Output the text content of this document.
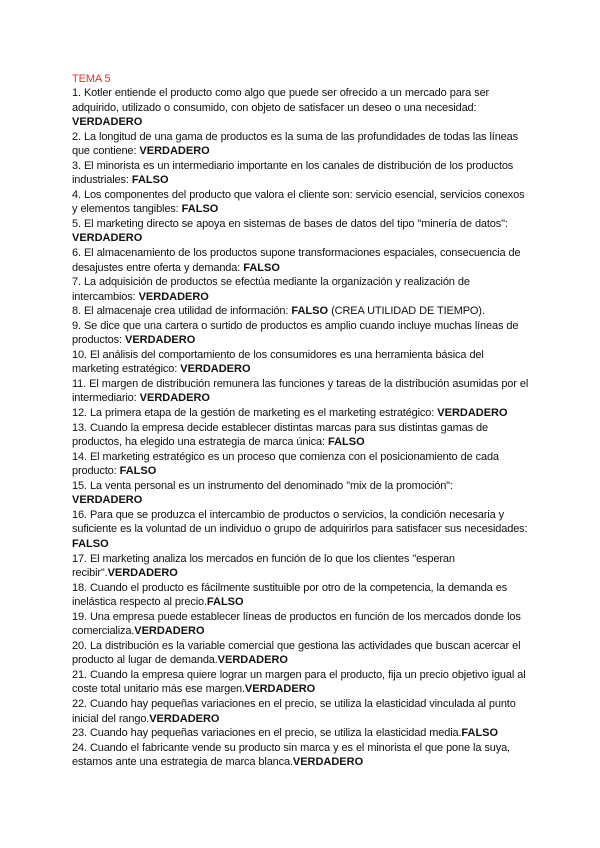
TEMA 5

1. Kotler entiende el producto como algo que puede ser ofrecido a un mercado para ser adquirido, utilizado o consumido, con objeto de satisfacer un deseo o una necesidad:
VERDADERO

2. La longitud de una gama de productos es la suma de las profundidades de todas las líneas que contiene: VERDADERO

3. El minorista es un intermediario importante en los canales de distribución de los productos industriales: FALSO

4. Los componentes del producto que valora el cliente son: servicio esencial, servicios conexos y elementos tangibles: FALSO

5. El marketing directo se apoya en sistemas de bases de datos del tipo "minería de datos":
VERDADERO

6. El almacenamiento de los productos supone transformaciones espaciales, consecuencia de desajustes entre oferta y demanda: FALSO

7. La adquisición de productos se efectúa mediante la organización y realización de intercambios: VERDADERO

8. El almacenaje crea utilidad de información: FALSO (CREA UTILIDAD DE TIEMPO).

9. Se dice que una cartera o surtido de productos es amplio cuando incluye muchas líneas de productos: VERDADERO

10. El análisis del comportamiento de los consumidores es una herramienta básica del marketing estratégico: VERDADERO

11. El margen de distribución remunera las funciones y tareas de la distribución asumidas por el intermediario: VERDADERO

12. La primera etapa de la gestión de marketing es el marketing estratégico: VERDADERO

13. Cuando la empresa decide establecer distintas marcas para sus distintas gamas de productos, ha elegido una estrategia de marca única: FALSO

14. El marketing estratégico es un proceso que comienza con el posicionamiento de cada producto: FALSO

15. La venta personal es un instrumento del denominado "mix de la promoción":
VERDADERO

16. Para que se produzca el intercambio de productos o servicios, la condición necesaria y suficiente es la voluntad de un individuo o grupo de adquirirlos para satisfacer sus necesidades: FALSO

17. El marketing analiza los mercados en función de lo que los clientes "esperan recibir".VERDADERO

18. Cuando el producto es fácilmente sustituible por otro de la competencia, la demanda es inelástica respecto al precio.FALSO

19. Una empresa puede establecer líneas de productos en función de los mercados donde los comercializa.VERDADERO

20. La distribución es la variable comercial que gestiona las actividades que buscan acercar el producto al lugar de demanda.VERDADERO

21. Cuando la empresa quiere lograr un margen para el producto, fija un precio objetivo igual al coste total unitario más ese margen.VERDADERO

22. Cuando hay pequeñas variaciones en el precio, se utiliza la elasticidad vinculada al punto inicial del rango.VERDADERO

23. Cuando hay pequeñas variaciones en el precio, se utiliza la elasticidad media.FALSO

24. Cuando el fabricante vende su producto sin marca y es el minorista el que pone la suya, estamos ante una estrategia de marca blanca.VERDADERO
